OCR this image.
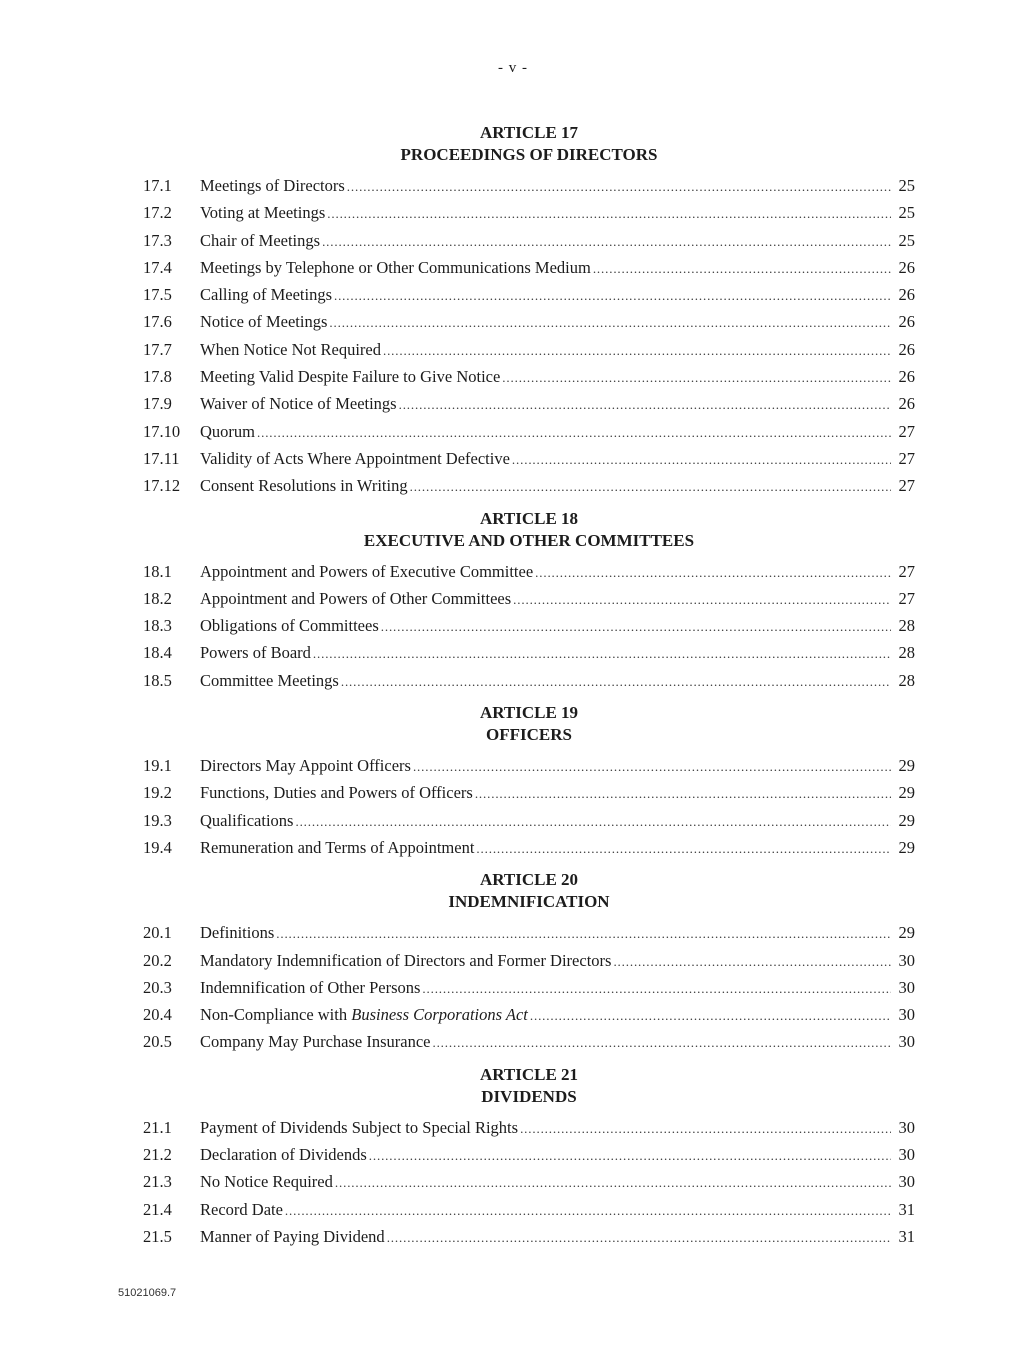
- v -
ARTICLE 17
PROCEEDINGS OF DIRECTORS
17.1	Meetings of Directors . . .	25
17.2	Voting at Meetings . . .	25
17.3	Chair of Meetings . . .	25
17.4	Meetings by Telephone or Other Communications Medium . . .	26
17.5	Calling of Meetings . . .	26
17.6	Notice of Meetings . . .	26
17.7	When Notice Not Required . . .	26
17.8	Meeting Valid Despite Failure to Give Notice . . .	26
17.9	Waiver of Notice of Meetings . . .	26
17.10	Quorum . . .	27
17.11	Validity of Acts Where Appointment Defective . . .	27
17.12	Consent Resolutions in Writing . . .	27
ARTICLE 18
EXECUTIVE AND OTHER COMMITTEES
18.1	Appointment and Powers of Executive Committee . . .	27
18.2	Appointment and Powers of Other Committees . . .	27
18.3	Obligations of Committees . . .	28
18.4	Powers of Board . . .	28
18.5	Committee Meetings . . .	28
ARTICLE 19
OFFICERS
19.1	Directors May Appoint Officers . . .	29
19.2	Functions, Duties and Powers of Officers . . .	29
19.3	Qualifications . . .	29
19.4	Remuneration and Terms of Appointment . . .	29
ARTICLE 20
INDEMNIFICATION
20.1	Definitions . . .	29
20.2	Mandatory Indemnification of Directors and Former Directors . . .	30
20.3	Indemnification of Other Persons . . .	30
20.4	Non-Compliance with Business Corporations Act . . .	30
20.5	Company May Purchase Insurance . . .	30
ARTICLE 21
DIVIDENDS
21.1	Payment of Dividends Subject to Special Rights . . .	30
21.2	Declaration of Dividends . . .	30
21.3	No Notice Required . . .	30
21.4	Record Date . . .	31
21.5	Manner of Paying Dividend . . .	31
51021069.7
